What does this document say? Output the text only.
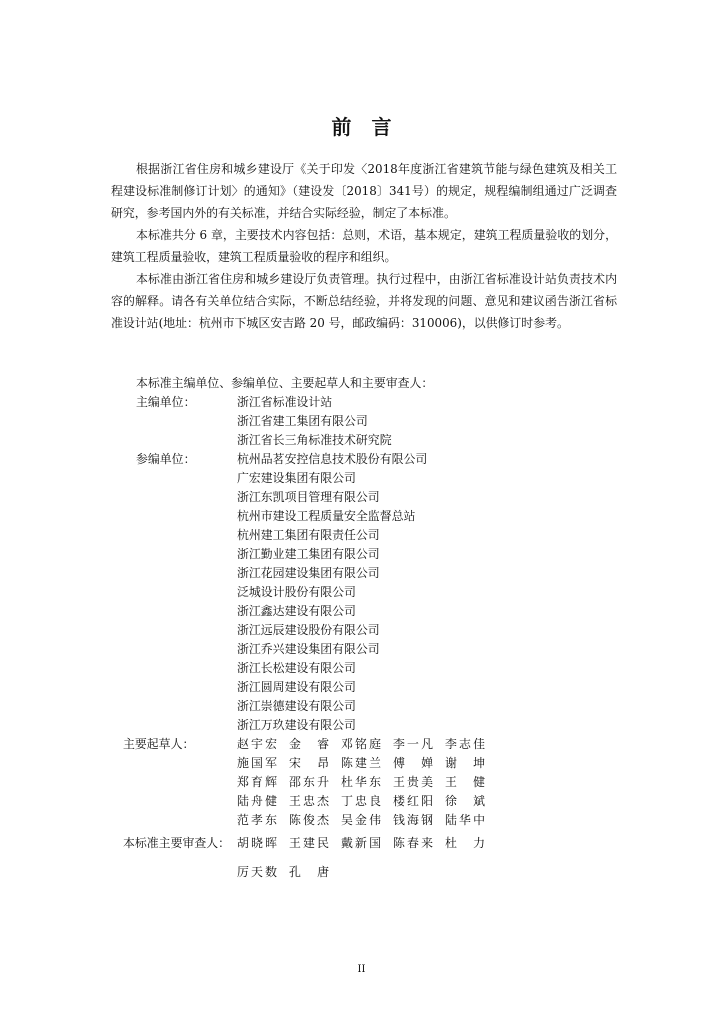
前 言

根据浙江省住房和城乡建设厅《关于印发〈2018年度浙江省建筑节能与绿色建筑及相关工程建设标准制修订计划〉的通知》（建设发〔2018〕341号）的规定，规程编制组通过广泛调查研究，参考国内外的有关标准，并结合实际经验，制定了本标准。

本标准共分 6 章，主要技术内容包括：总则，术语，基本规定，建筑工程质量验收的划分，建筑工程质量验收，建筑工程质量验收的程序和组织。

本标准由浙江省住房和城乡建设厅负责管理。执行过程中，由浙江省标准设计站负责技术内容的解释。请各有关单位结合实际，不断总结经验，并将发现的问题、意见和建议函告浙江省标准设计站(地址：杭州市下城区安吉路 20 号，邮政编码：310006)，以供修订时参考。

本标准主编单位、参编单位、主要起草人和主要审查人：
主编单位：	浙江省标准设计站
浙江省建工集团有限公司
浙江省长三角标准技术研究院
参编单位：	杭州品茗安控信息技术股份有限公司
广宏建设集团有限公司
浙江东凯项目管理有限公司
杭州市建设工程质量安全监督总站
杭州建工集团有限责任公司
浙江勤业建工集团有限公司
浙江花园建设集团有限公司
泛城设计股份有限公司
浙江鑫达建设有限公司
浙江远辰建设股份有限公司
浙江乔兴建设集团有限公司
浙江长松建设有限公司
浙江圆周建设有限公司
浙江崇德建设有限公司
浙江万玖建设有限公司
主要起草人：	赵宇宏 金　睿 邓铭庭 李一凡 李志佳
施国军 宋　昂 陈建兰 傅　婵 谢　坤
郑育辉 邵东升 杜华东 王贵美 王　健
陆舟健 王忠杰 丁忠良 楼红阳 徐　斌
范孝东 陈俊杰 吴金伟 钱海钢 陆华中
本标准主要审查人： 胡晓晖 王建民 戴新国 陈春来 杜　力
厉天数 孔　唐
II
